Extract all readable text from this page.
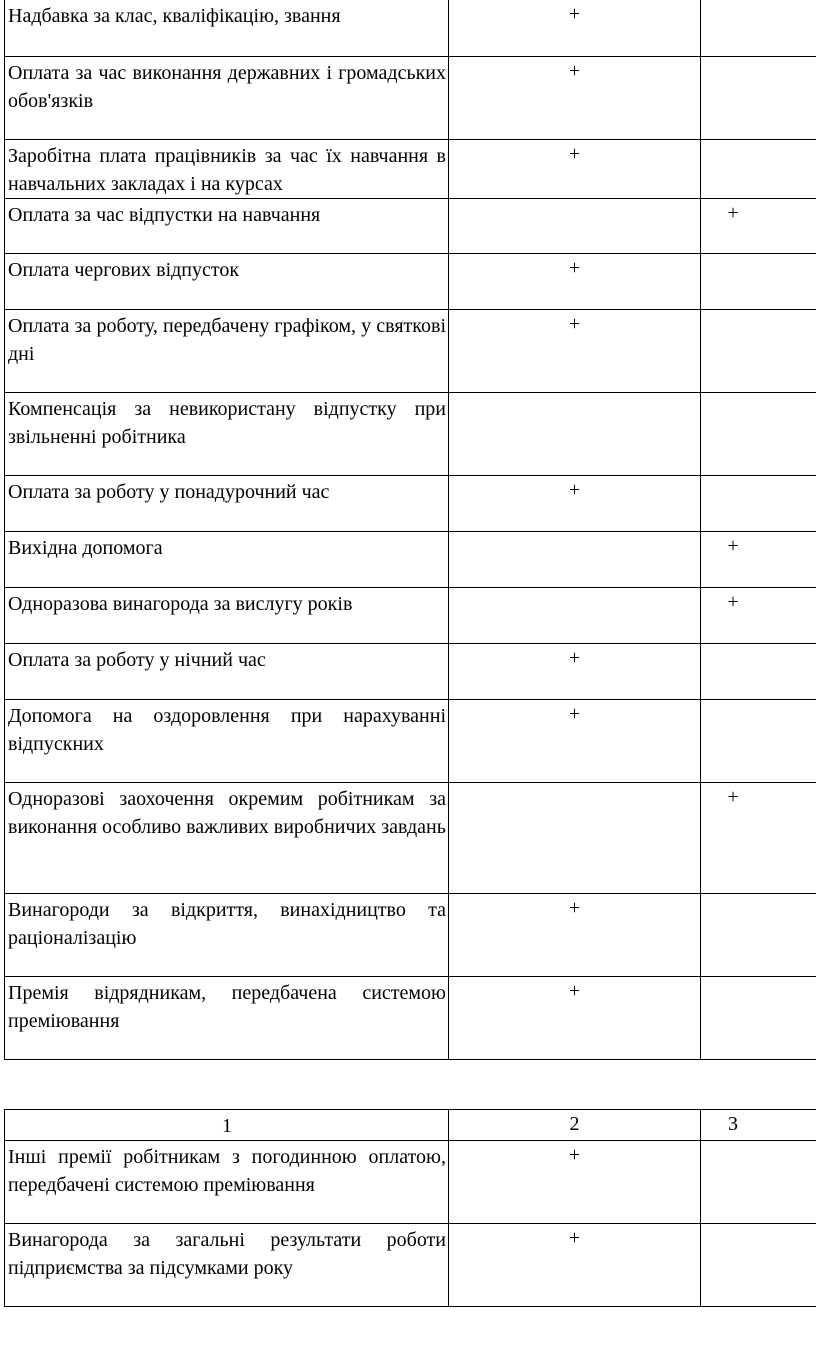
Надбавка за клас, кваліфікацію, звання	+	
Оплата за час виконання державних і громадських обов'язків	+	
Заробітна плата працівників за час їх навчання в навчальних закладах і на курсах	+	
Оплата за час відпустки на навчання		+
Оплата чергових відпусток	+	
Оплата за роботу, передбачену графіком, у святкові дні	+	
Компенсація за невикористану відпустку при звільненні робітника		
Оплата за роботу у понадурочний час	+	
Вихідна допомога		+
Одноразова винагорода за вислугу років		+
Оплата за роботу у нічний час	+	
Допомога на оздоровлення при нарахуванні відпускних	+	
Одноразові заохочення окремим робітникам за виконання особливо важливих виробничих завдань		+
Винагороди за відкриття, винахідництво та раціоналізацію	+	
Премія відрядникам, передбачена системою преміювання	+	
1	2	3
Інші премії робітникам з погодинною оплатою, передбачені системою преміювання	+	
Винагорода за загальні результати роботи підприємства за підсумками року	+	
